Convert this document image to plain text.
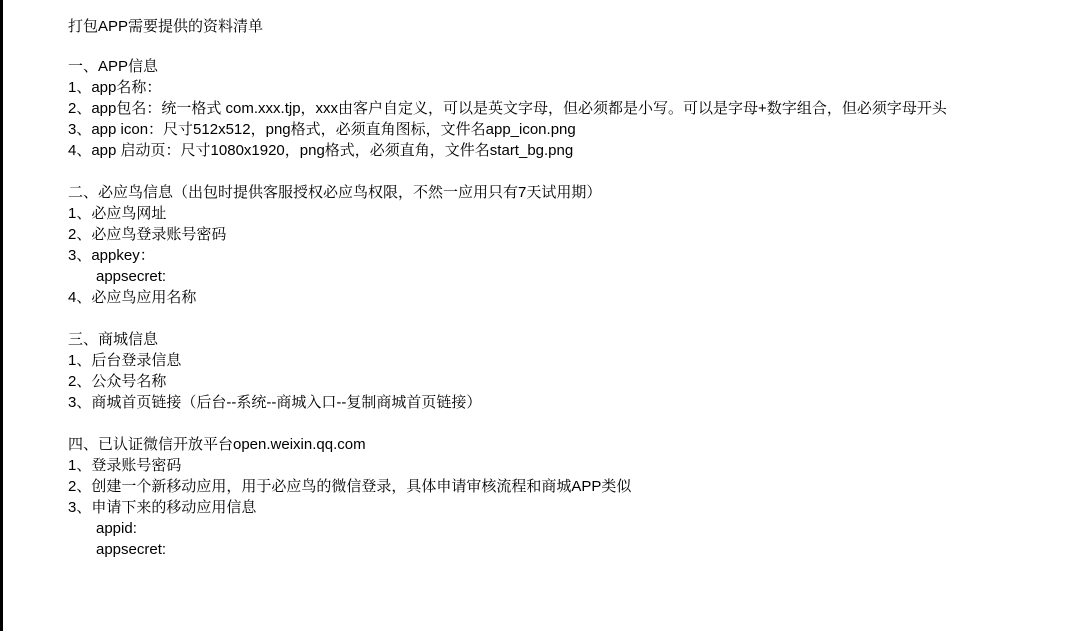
打包APP需要提供的资料清单
一、APP信息
1、app名称：
2、app包名：统一格式 com.xxx.tjp，xxx由客户自定义，可以是英文字母，但必须都是小写。可以是字母+数字组合，但必须字母开头
3、app icon：尺寸512x512，png格式，必须直角图标，文件名app_icon.png
4、app 启动页：尺寸1080x1920，png格式，必须直角，文件名start_bg.png
二、必应鸟信息（出包时提供客服授权必应鸟权限，不然一应用只有7天试用期）
1、必应鸟网址
2、必应鸟登录账号密码
3、appkey：
appsecret:
4、必应鸟应用名称
三、商城信息
1、后台登录信息
2、公众号名称
3、商城首页链接（后台--系统--商城入口--复制商城首页链接）
四、已认证微信开放平台open.weixin.qq.com
1、登录账号密码
2、创建一个新移动应用，用于必应鸟的微信登录，具体申请审核流程和商城APP类似
3、申请下来的移动应用信息
appid:
appsecret:
